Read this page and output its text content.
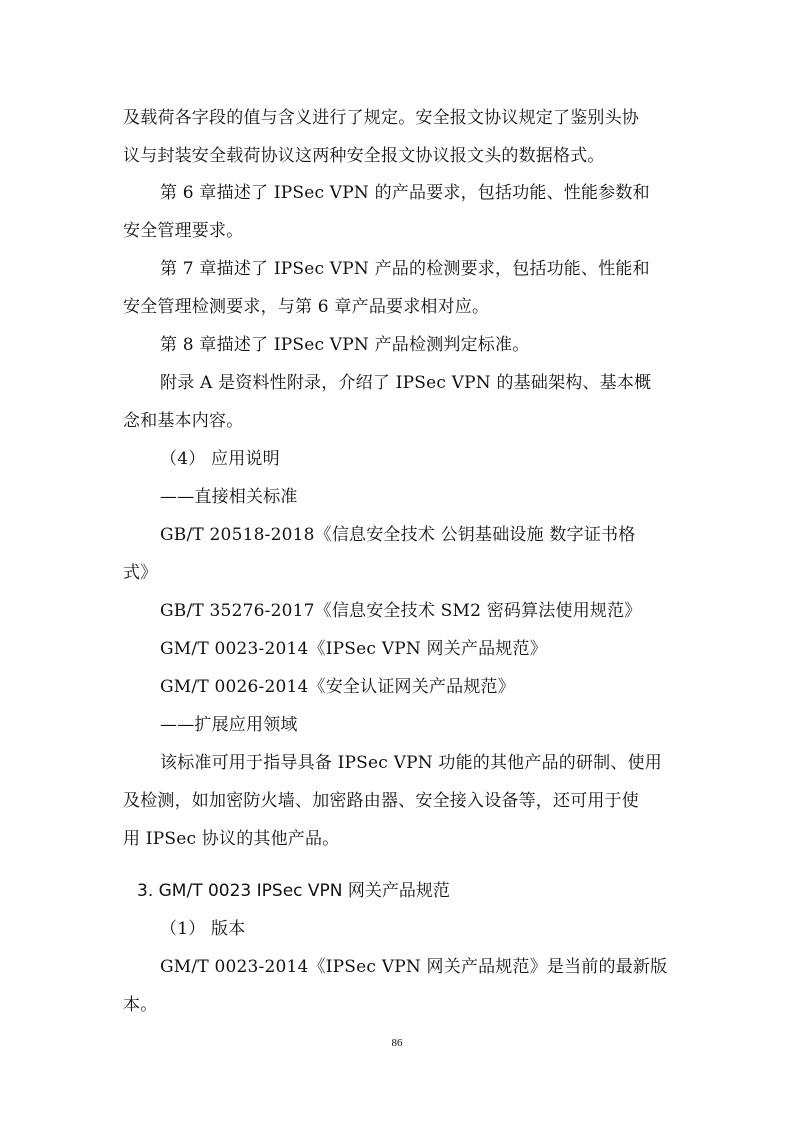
及载荷各字段的值与含义进行了规定。安全报文协议规定了鉴别头协
议与封装安全载荷协议这两种安全报文协议报文头的数据格式。
第 6 章描述了 IPSec VPN 的产品要求，包括功能、性能参数和
安全管理要求。
第 7 章描述了 IPSec VPN 产品的检测要求，包括功能、性能和
安全管理检测要求，与第 6 章产品要求相对应。
第 8 章描述了 IPSec VPN 产品检测判定标准。
附录 A 是资料性附录，介绍了 IPSec VPN 的基础架构、基本概
念和基本内容。
（4） 应用说明
——直接相关标准
GB/T 20518-2018《信息安全技术 公钥基础设施 数字证书格
式》
GB/T 35276-2017《信息安全技术 SM2 密码算法使用规范》
GM/T 0023-2014《IPSec VPN 网关产品规范》
GM/T 0026-2014《安全认证网关产品规范》
——扩展应用领域
该标准可用于指导具备 IPSec VPN 功能的其他产品的研制、使用
及检测，如加密防火墙、加密路由器、安全接入设备等，还可用于使
用 IPSec 协议的其他产品。
3. GM/T 0023 IPSec VPN 网关产品规范
（1） 版本
GM/T 0023-2014《IPSec VPN 网关产品规范》是当前的最新版
本。
86
